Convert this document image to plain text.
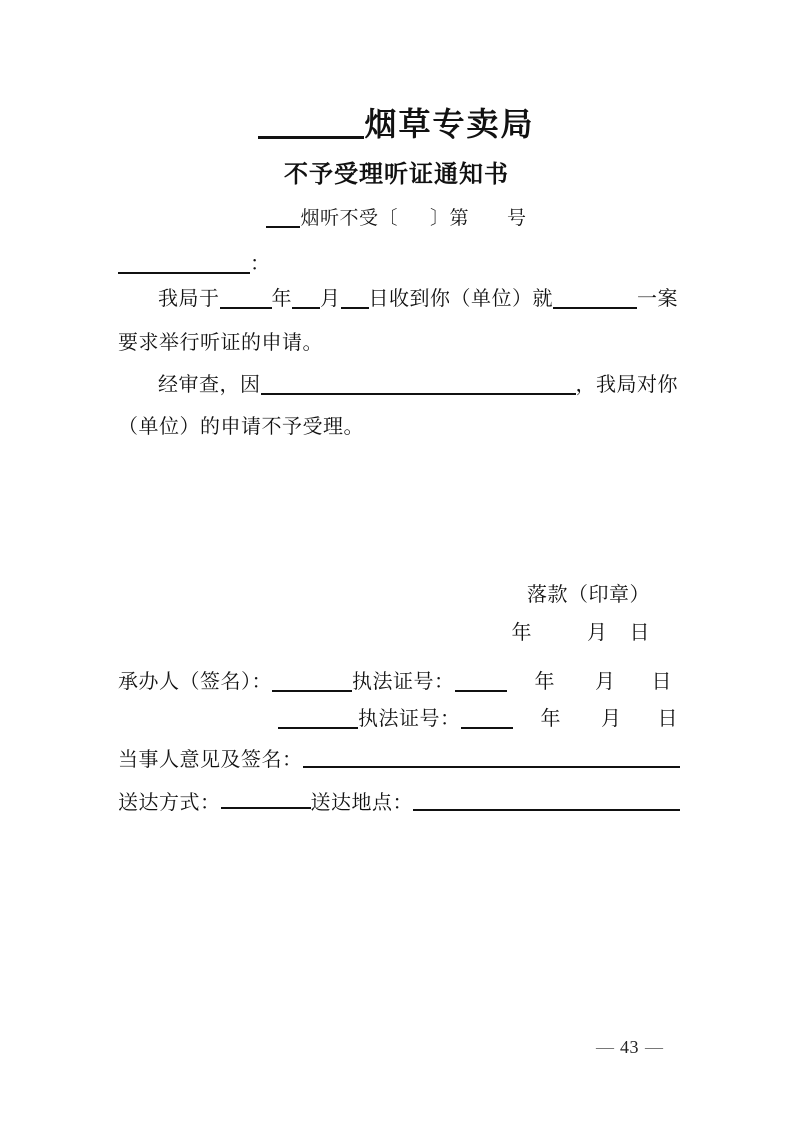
烟草专卖局
不予受理听证通知书
烟听不受〔 〕第 号
：
我局于	年 月 日收到你（单位）就	一案
要求举行听证的申请。
经审查，因	，我局对你
（单位）的申请不予受理。
落款（印章）
年	月 日
承办人（签名）：	执法证号：	年 月 日
执法证号：	年 月 日
当事人意见及签名：
送达方式：	送达地点：
— 43 —
